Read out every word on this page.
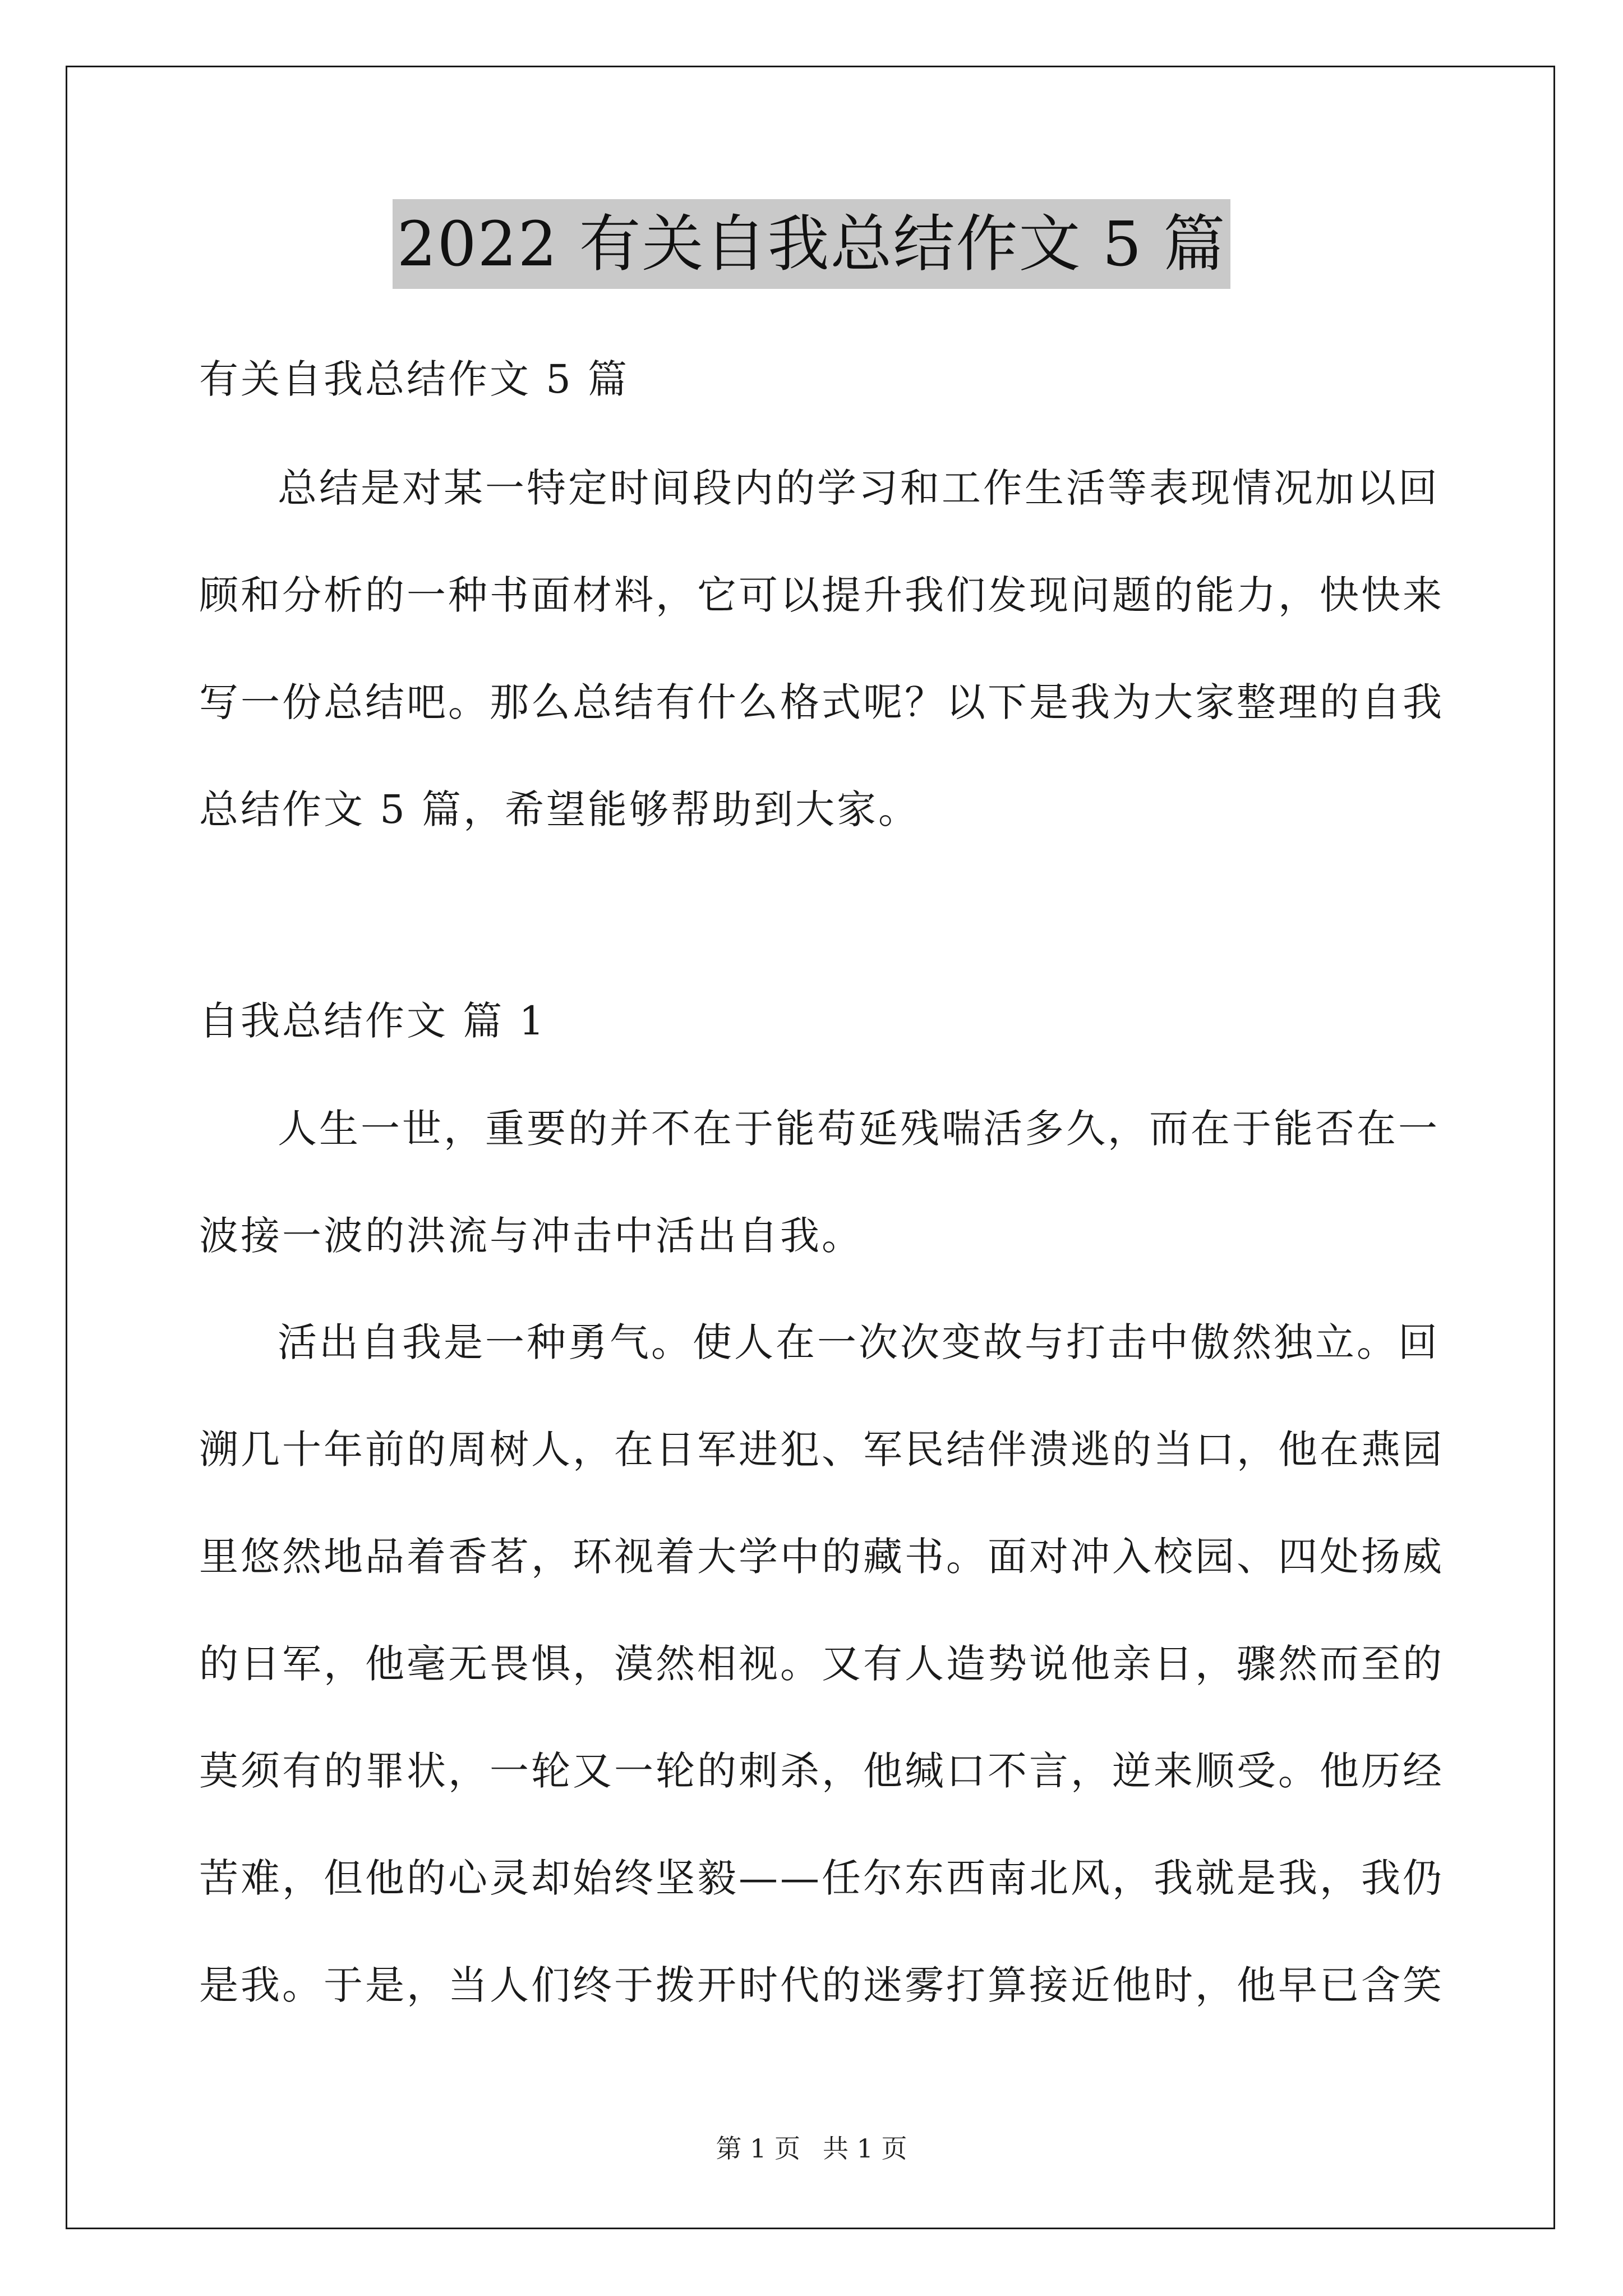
2022 有关自我总结作文 5 篇
有关自我总结作文 5 篇
总结是对某一特定时间段内的学习和工作生活等表现情况加以回
顾和分析的一种书面材料，它可以提升我们发现问题的能力，快快来
写一份总结吧。那么总结有什么格式呢？以下是我为大家整理的自我
总结作文 5 篇，希望能够帮助到大家。
自我总结作文 篇 1
人生一世，重要的并不在于能苟延残喘活多久，而在于能否在一
波接一波的洪流与冲击中活出自我。
活出自我是一种勇气。使人在一次次变故与打击中傲然独立。回
溯几十年前的周树人，在日军进犯、军民结伴溃逃的当口，他在燕园
里悠然地品着香茗，环视着大学中的藏书。面对冲入校园、四处扬威
的日军，他毫无畏惧，漠然相视。又有人造势说他亲日，骤然而至的
莫须有的罪状，一轮又一轮的刺杀，他缄口不言，逆来顺受。他历经
苦难，但他的心灵却始终坚毅——任尔东西南北风，我就是我，我仍
是我。于是，当人们终于拨开时代的迷雾打算接近他时，他早已含笑
第 1 页 共 1 页
